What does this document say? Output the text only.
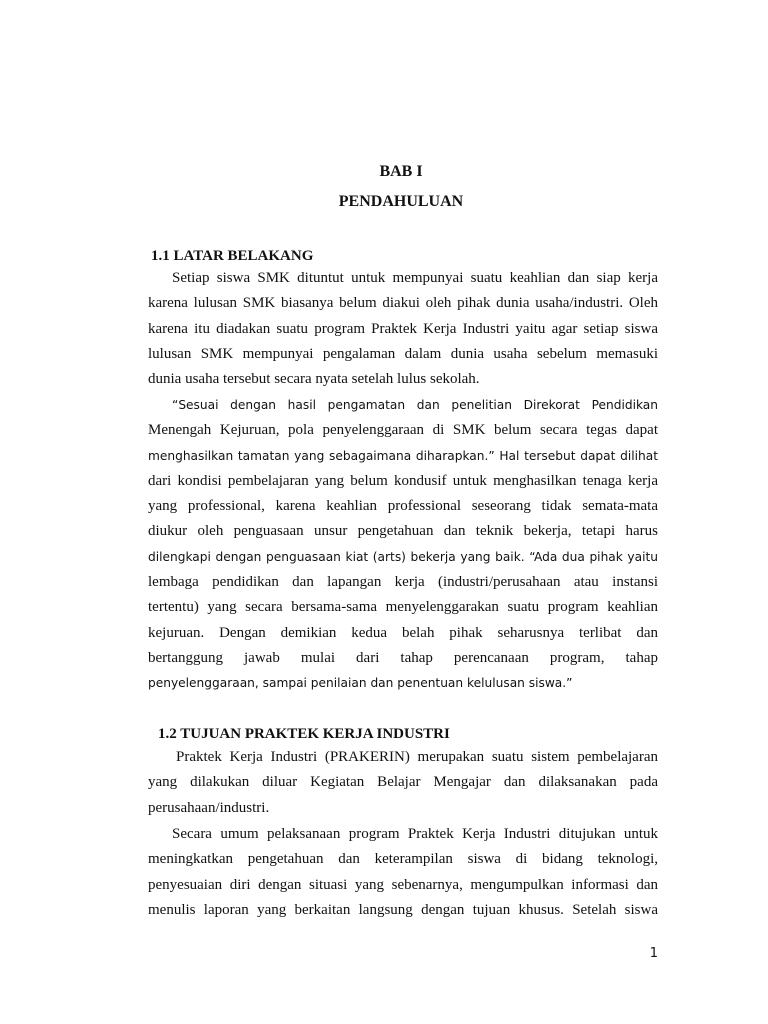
BAB I
PENDAHULUAN
1.1 LATAR BELAKANG
Setiap siswa SMK dituntut untuk mempunyai suatu keahlian dan siap kerja
karena lulusan SMK biasanya belum diakui oleh pihak dunia usaha/industri. Oleh
karena itu diadakan suatu program Praktek Kerja Industri yaitu agar setiap siswa
lulusan SMK mempunyai pengalaman dalam dunia usaha sebelum memasuki
dunia usaha tersebut secara nyata setelah lulus sekolah.
“Sesuai dengan hasil pengamatan dan penelitian Direkorat Pendidikan
Menengah Kejuruan, pola penyelenggaraan di SMK belum secara tegas dapat
menghasilkan tamatan yang sebagaimana diharapkan.” Hal tersebut dapat dilihat
dari kondisi pembelajaran yang belum kondusif untuk menghasilkan tenaga kerja
yang professional, karena keahlian professional seseorang tidak semata-mata
diukur oleh penguasaan unsur pengetahuan dan teknik bekerja, tetapi harus
dilengkapi dengan penguasaan kiat (arts) bekerja yang baik. “Ada dua pihak yaitu
lembaga pendidikan dan lapangan kerja (industri/perusahaan atau instansi
tertentu) yang secara bersama-sama menyelenggarakan suatu program keahlian
kejuruan. Dengan demikian kedua belah pihak seharusnya terlibat dan
bertanggung jawab mulai dari tahap perencanaan program, tahap
penyelenggaraan, sampai penilaian dan penentuan kelulusan siswa.”
1.2 TUJUAN PRAKTEK KERJA INDUSTRI
Praktek Kerja Industri (PRAKERIN) merupakan suatu sistem pembelajaran
yang dilakukan diluar Kegiatan Belajar Mengajar dan dilaksanakan pada
perusahaan/industri.
Secara umum pelaksanaan program Praktek Kerja Industri ditujukan untuk
meningkatkan pengetahuan dan keterampilan siswa di bidang teknologi,
penyesuaian diri dengan situasi yang sebenarnya, mengumpulkan informasi dan
menulis laporan yang berkaitan langsung dengan tujuan khusus. Setelah siswa
1
